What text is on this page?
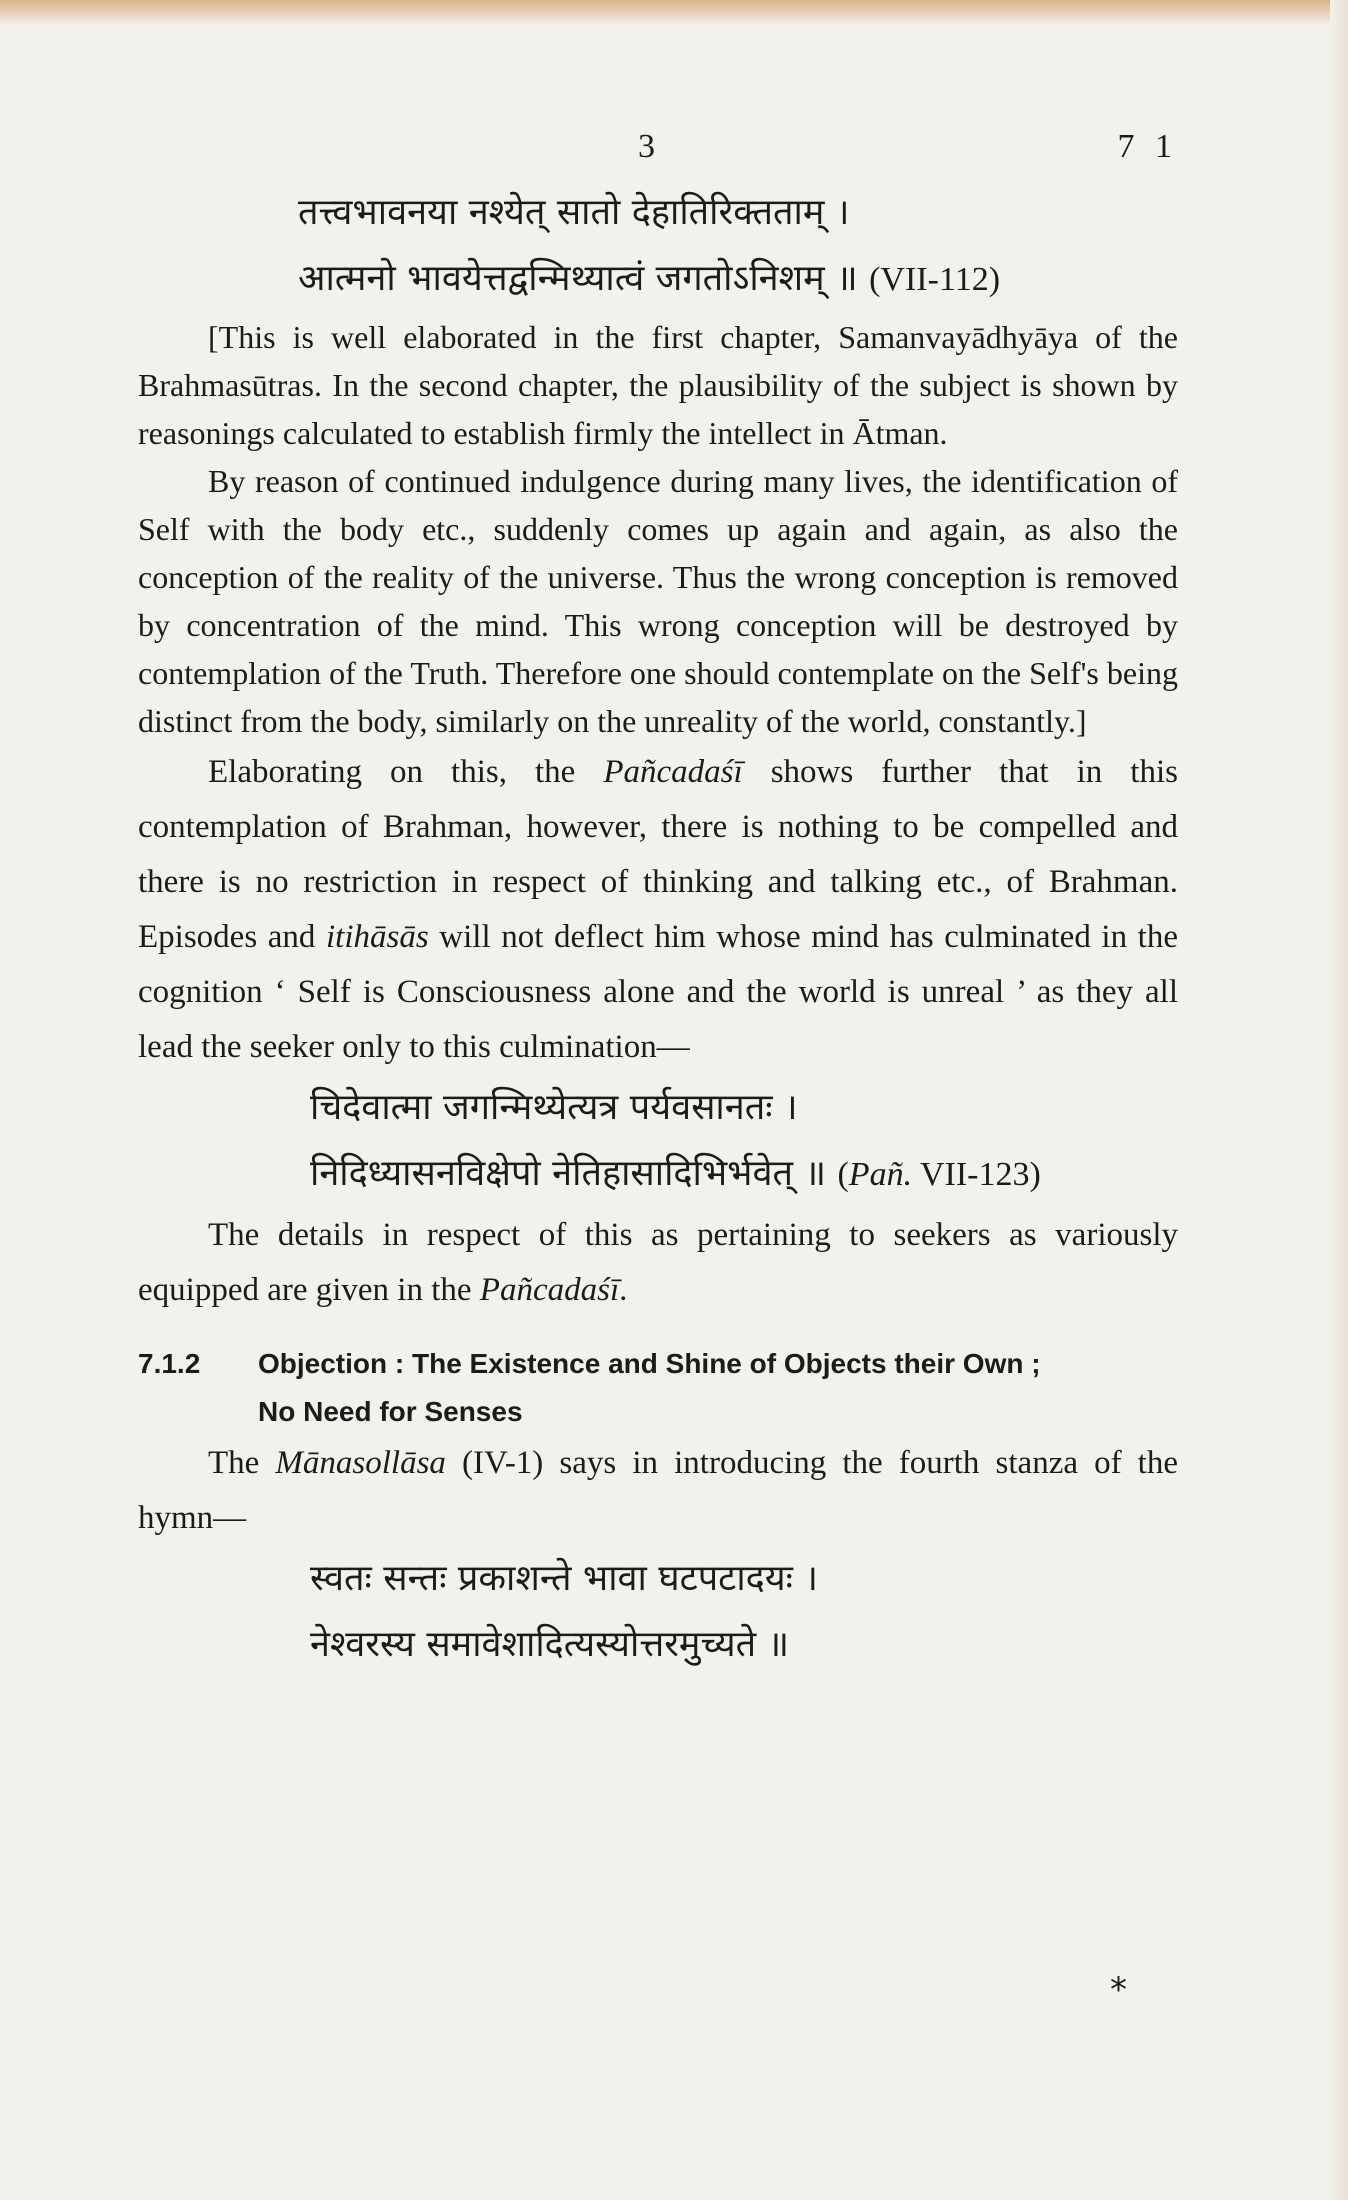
3	7 1
तत्त्वभावनया नश्येत् सातो देहातिरिक्तताम् ।
आत्मनो भावयेत्तद्वन्मिथ्यात्वं जगतोऽनिशम् ॥ (VII-112)

[This is well elaborated in the first chapter, Samanvayādhyāya of the Brahmasūtras. In the second chapter, the plausibility of the subject is shown by reasonings calculated to establish firmly the intellect in Ātman.

By reason of continued indulgence during many lives, the identification of Self with the body etc., suddenly comes up again and again, as also the conception of the reality of the universe. Thus the wrong conception is removed by concentration of the mind. This wrong conception will be destroyed by contemplation of the Truth. Therefore one should contemplate on the Self's being distinct from the body, similarly on the unreality of the world, constantly.]

Elaborating on this, the Pañcadaśī shows further that in this contemplation of Brahman, however, there is nothing to be compelled and there is no restriction in respect of thinking and talking etc., of Brahman. Episodes and itihāsās will not deflect him whose mind has culminated in the cognition ‘ Self is Consciousness alone and the world is unreal ’ as they all lead the seeker only to this culmination—

चिदेवात्मा जगन्मिथ्येत्यत्र पर्यवसानतः ।
निदिध्यासनविक्षेपो नेतिहासादिभिर्भवेत् ॥ (Pañ. VII-123)

The details in respect of this as pertaining to seekers as variously equipped are given in the Pañcadaśī.

7.1.2	Objection : The Existence and Shine of Objects their Own ;
No Need for Senses

The Mānasollāsa (IV-1) says in introducing the fourth stanza of the hymn—

स्वतः सन्तः प्रकाशन्ते भावा घटपटादयः ।
नेश्वरस्य समावेशादित्यस्योत्तरमुच्यते ॥
*
